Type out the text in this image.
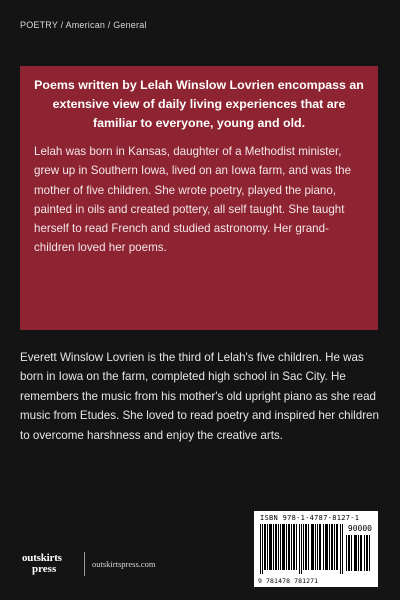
POETRY / American / General

Poems written by Lelah Winslow Lovrien encompass an extensive view of daily living experiences that are familiar to everyone, young and old.

Lelah was born in Kansas, daughter of a Methodist minister, grew up in Southern Iowa, lived on an Iowa farm, and was the mother of five children. She wrote poetry, played the piano, painted in oils and created pottery, all self taught. She taught herself to read French and studied astronomy. Her grand-children loved her poems.

Everett Winslow Lovrien is the third of Lelah's five children. He was born in Iowa on the farm, completed high school in Sac City. He remembers the music from his mother's old upright piano as she read music from Etudes. She loved to read poetry and inspired her children to overcome harshness and enjoy the creative arts.

ISBN 978-1-4787-8127-1
90000
9 781478 781271
outskirts
press	outskirtspress.com
